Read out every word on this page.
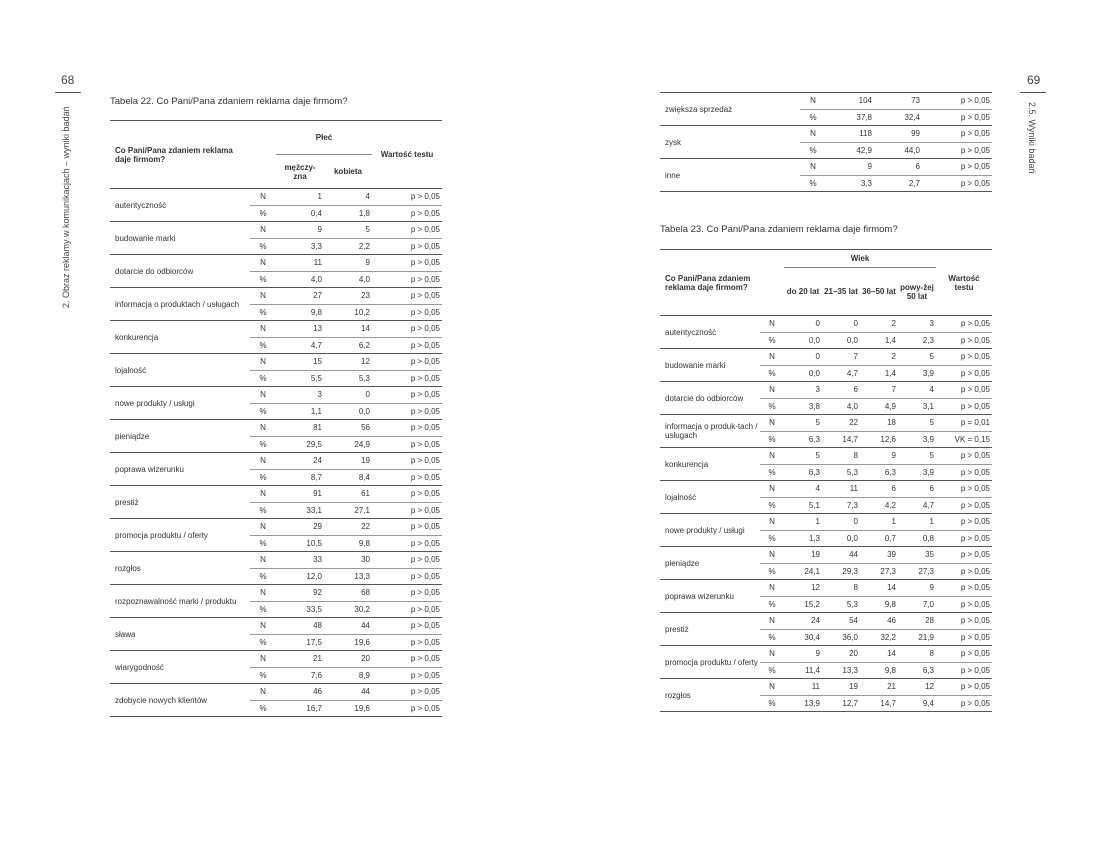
68
2. Obraz reklamy w komunikacjach – wyniki badań
Tabela 22. Co Pani/Pana zdaniem reklama daje firmom?
Co Pani/Pana zdaniem reklama daje firmom?		Płeć		Wartość testu
		mężczy-zna	kobieta	
autentyczność	N	1	4	p > 0,05
	%	0,4	1,8	p > 0,05
budowanie marki	N	9	5	p > 0,05
	%	3,3	2,2	p > 0,05
dotarcie do odbiorców	N	11	9	p > 0,05
	%	4,0	4,0	p > 0,05
informacja o produktach / usługach	N	27	23	p > 0,05
	%	9,8	10,2	p > 0,05
konkurencja	N	13	14	p > 0,05
	%	4,7	6,2	p > 0,05
lojalność	N	15	12	p > 0,05
	%	5,5	5,3	p > 0,05
nowe produkty / usługi	N	3	0	p > 0,05
	%	1,1	0,0	p > 0,05
pieniądze	N	81	56	p > 0,05
	%	29,5	24,9	p > 0,05
poprawa wizerunku	N	24	19	p > 0,05
	%	8,7	8,4	p > 0,05
prestiż	N	91	61	p > 0,05
	%	33,1	27,1	p > 0,05
promocja produktu / oferty	N	29	22	p > 0,05
	%	10,5	9,8	p > 0,05
rozgłos	N	33	30	p > 0,05
	%	12,0	13,3	p > 0,05
rozpoznawalność marki / produktu	N	92	68	p > 0,05
	%	33,5	30,2	p > 0,05
sława	N	48	44	p > 0,05
	%	17,5	19,6	p > 0,05
wiarygodność	N	21	20	p > 0,05
	%	7,6	8,9	p > 0,05
zdobycie nowych klientów	N	46	44	p > 0,05
	%	16,7	19,6	p > 0,05
69
2.5. Wyniki badań
zwiększa sprzedaż	N	104	73	p > 0,05
	%	37,8	32,4	p > 0,05
zysk	N	118	99	p > 0,05
	%	42,9	44,0	p > 0,05
inne	N	9	6	p > 0,05
	%	3,3	2,7	p > 0,05
Tabela 23. Co Pani/Pana zdaniem reklama daje firmom?
Co Pani/Pana zdaniem reklama daje firmom?		Wiek				Wartość testu
		do 20 lat	21–35 lat	36–50 lat	powy-żej 50 lat	
autentyczność	N	0	0	2	3	p > 0,05
	%	0,0	0,0	1,4	2,3	p > 0,05
budowanie marki	N	0	7	2	5	p > 0,05
	%	0,0	4,7	1,4	3,9	p > 0,05
dotarcie do odbiorców	N	3	6	7	4	p > 0,05
	%	3,8	4,0	4,9	3,1	p > 0,05
informacja o produk-tach / usługach	N	5	22	18	5	p = 0,01
	%	6,3	14,7	12,6	3,9	VK = 0,15
konkurencja	N	5	8	9	5	p > 0,05
	%	6,3	5,3	6,3	3,9	p > 0,05
lojalność	N	4	11	6	6	p > 0,05
	%	5,1	7,3	4,2	4,7	p > 0,05
nowe produkty / usługi	N	1	0	1	1	p > 0,05
	%	1,3	0,0	0,7	0,8	p > 0,05
pieniądze	N	19	44	39	35	p > 0,05
	%	24,1	29,3	27,3	27,3	p > 0,05
poprawa wizerunku	N	12	8	14	9	p > 0,05
	%	15,2	5,3	9,8	7,0	p > 0,05
prestiż	N	24	54	46	28	p > 0,05
	%	30,4	36,0	32,2	21,9	p > 0,05
promocja produktu / oferty	N	9	20	14	8	p > 0,05
	%	11,4	13,3	9,8	6,3	p > 0,05
rozgłos	N	11	19	21	12	p > 0,05
	%	13,9	12,7	14,7	9,4	p > 0,05
